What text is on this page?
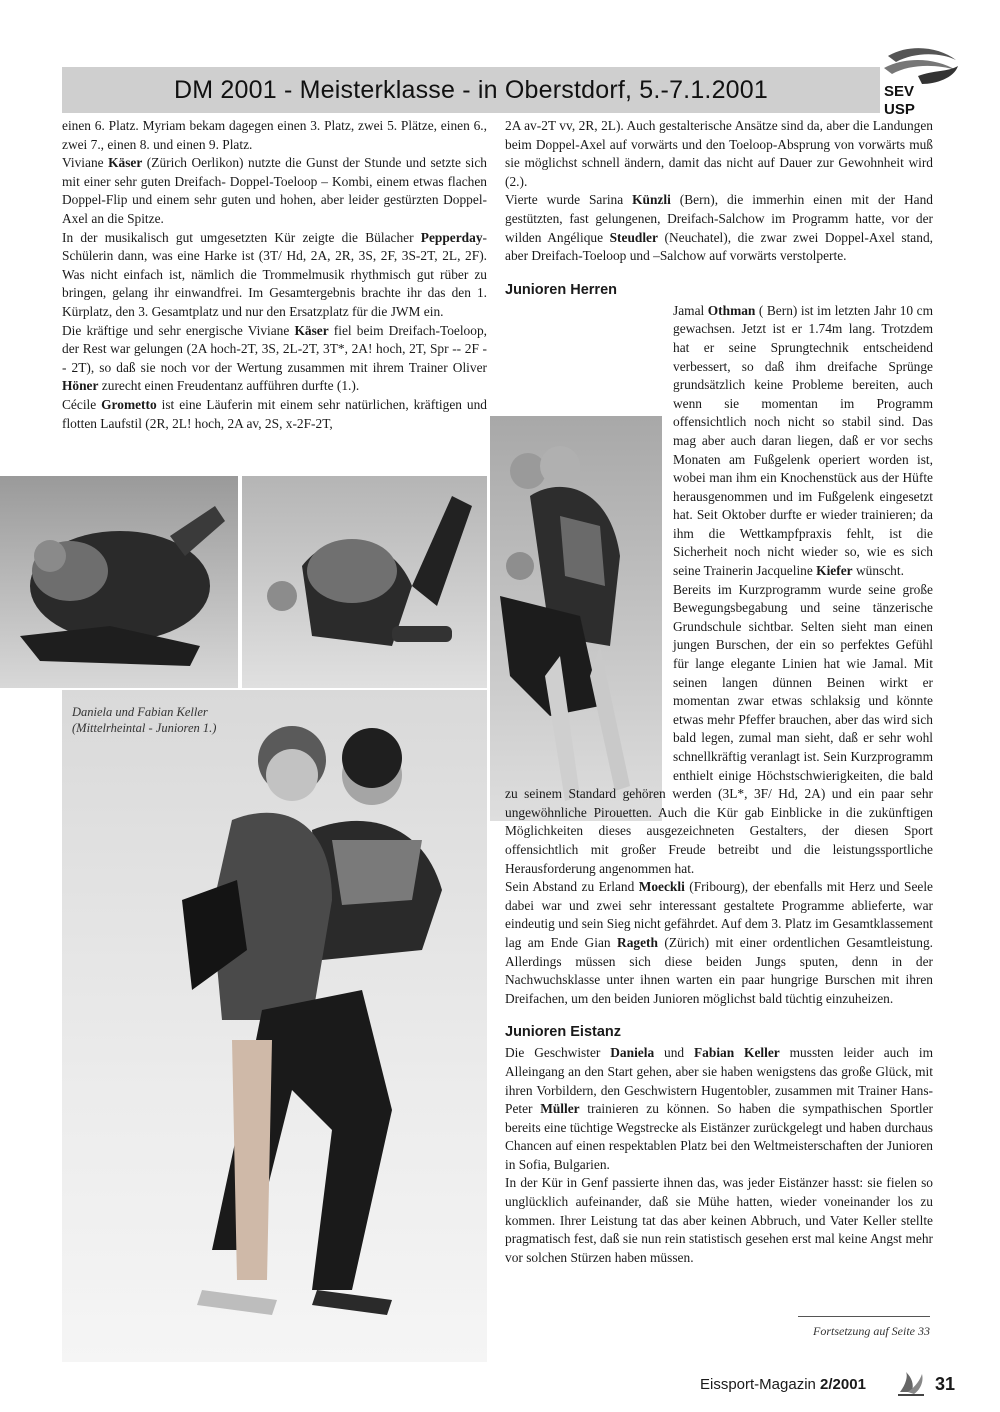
DM 2001 - Meisterklasse - in Oberstdorf, 5.-7.1.2001	SEV
USP

einen 6. Platz. Myriam bekam dagegen einen 3. Platz, zwei 5. Plätze, einen 6., zwei 7., einen 8. und einen 9. Platz.

Viviane Käser (Zürich Oerlikon) nutzte die Gunst der Stunde und setzte sich mit einer sehr guten Dreifach- Doppel-Toeloop – Kombi, einem etwas flachen Doppel-Flip und einem sehr guten und hohen, aber leider gestürzten Doppel-Axel an die Spitze.

In der musikalisch gut umgesetzten Kür zeigte die Bülacher Pepperday-Schülerin dann, was eine Harke ist (3T/ Hd, 2A, 2R, 3S, 2F, 3S-2T, 2L, 2F). Was nicht einfach ist, nämlich die Trommelmusik rhythmisch gut rüber zu bringen, gelang ihr einwandfrei. Im Gesamtergebnis brachte ihr das den 1. Kürplatz, den 3. Gesamtplatz und nur den Ersatzplatz für die JWM ein.

Die kräftige und sehr energische Viviane Käser fiel beim Dreifach-Toeloop, der Rest war gelungen (2A hoch-2T, 3S, 2L-2T, 3T*, 2A! hoch, 2T, Spr -- 2F -- 2T), so daß sie noch vor der Wertung zusammen mit ihrem Trainer Oliver Höner zurecht einen Freudentanz aufführen durfte (1.).

Cécile Grometto ist eine Läuferin mit einem sehr natürlichen, kräftigen und flotten Laufstil (2R, 2L! hoch, 2A av, 2S, x-2F-2T,

Daniela und Fabian Keller (Mittelrheintal - Junioren 1.)

2A av-2T vv, 2R, 2L). Auch gestalterische Ansätze sind da, aber die Landungen beim Doppel-Axel auf vorwärts und den Toeloop-Absprung von vorwärts muß sie möglichst schnell ändern, damit das nicht auf Dauer zur Gewohnheit wird (2.).

Vierte wurde Sarina Künzli (Bern), die immerhin einen mit der Hand gestützten, fast gelungenen, Dreifach-Salchow im Programm hatte, vor der wilden Angélique Steudler (Neuchatel), die zwar zwei Doppel-Axel stand, aber Dreifach-Toeloop und –Salchow auf vorwärts verstolperte.

Junioren Herren

Jamal Othman ( Bern) ist im letzten Jahr 10 cm gewachsen. Jetzt ist er 1.74m lang. Trotzdem hat er seine Sprungtechnik entscheidend verbessert, so daß ihm dreifache Sprünge grundsätzlich keine Probleme bereiten, auch wenn sie momentan im Programm offensichtlich noch nicht so stabil sind. Das mag aber auch daran liegen, daß er vor sechs Monaten am Fußgelenk operiert worden ist, wobei man ihm ein Knochenstück aus der Hüfte herausgenommen und im Fußgelenk eingesetzt hat. Seit Oktober durfte er wieder trainieren; da ihm die Wettkampfpraxis fehlt, ist die Sicherheit noch nicht wieder so, wie es sich seine Trainerin Jacqueline Kiefer wünscht.

Bereits im Kurzprogramm wurde seine große Bewegungsbegabung und seine tänzerische Grundschule sichtbar. Selten sieht man einen jungen Burschen, der ein so perfektes Gefühl für lange elegante Linien hat wie Jamal. Mit seinen langen dünnen Beinen wirkt er momentan zwar etwas schlaksig und könnte etwas mehr Pfeffer brauchen, aber das wird sich bald legen, zumal man sieht, daß er sehr wohl schnellkräftig veranlagt ist. Sein Kurzprogramm enthielt einige Höchstschwierigkeiten, die bald zu seinem Standard gehören werden (3L*, 3F/ Hd, 2A) und ein paar sehr ungewöhnliche Pirouetten. Auch die Kür gab Einblicke in die zukünftigen Möglichkeiten dieses ausgezeichneten Gestalters, der diesen Sport offensichtlich mit großer Freude betreibt und die leistungssportliche Herausforderung angenommen hat.

Sein Abstand zu Erland Moeckli (Fribourg), der ebenfalls mit Herz und Seele dabei war und zwei sehr interessant gestaltete Programme ablieferte, war eindeutig und sein Sieg nicht gefährdet. Auf dem 3. Platz im Gesamtklassement lag am Ende Gian Rageth (Zürich) mit einer ordentlichen Gesamtleistung. Allerdings müssen sich diese beiden Jungs sputen, denn in der Nachwuchsklasse unter ihnen warten ein paar hungrige Burschen mit ihren Dreifachen, um den beiden Junioren möglichst bald tüchtig einzuheizen.

Junioren Eistanz

Die Geschwister Daniela und Fabian Keller mussten leider auch im Alleingang an den Start gehen, aber sie haben wenigstens das große Glück, mit ihren Vorbildern, den Geschwistern Hugentobler, zusammen mit Trainer Hans-Peter Müller trainieren zu können. So haben die sympathischen Sportler bereits eine tüchtige Wegstrecke als Eistänzer zurückgelegt und haben durchaus Chancen auf einen respektablen Platz bei den Weltmeisterschaften der Junioren in Sofia, Bulgarien.

In der Kür in Genf passierte ihnen das, was jeder Eistänzer hasst: sie fielen so unglücklich aufeinander, daß sie Mühe hatten, wieder voneinander los zu kommen. Ihrer Leistung tat das aber keinen Abbruch, und Vater Keller stellte pragmatisch fest, daß sie nun rein statistisch gesehen erst mal keine Angst mehr vor solchen Stürzen haben müssen.

Fortsetzung auf Seite 33
Eissport-Magazin 2/2001	31
